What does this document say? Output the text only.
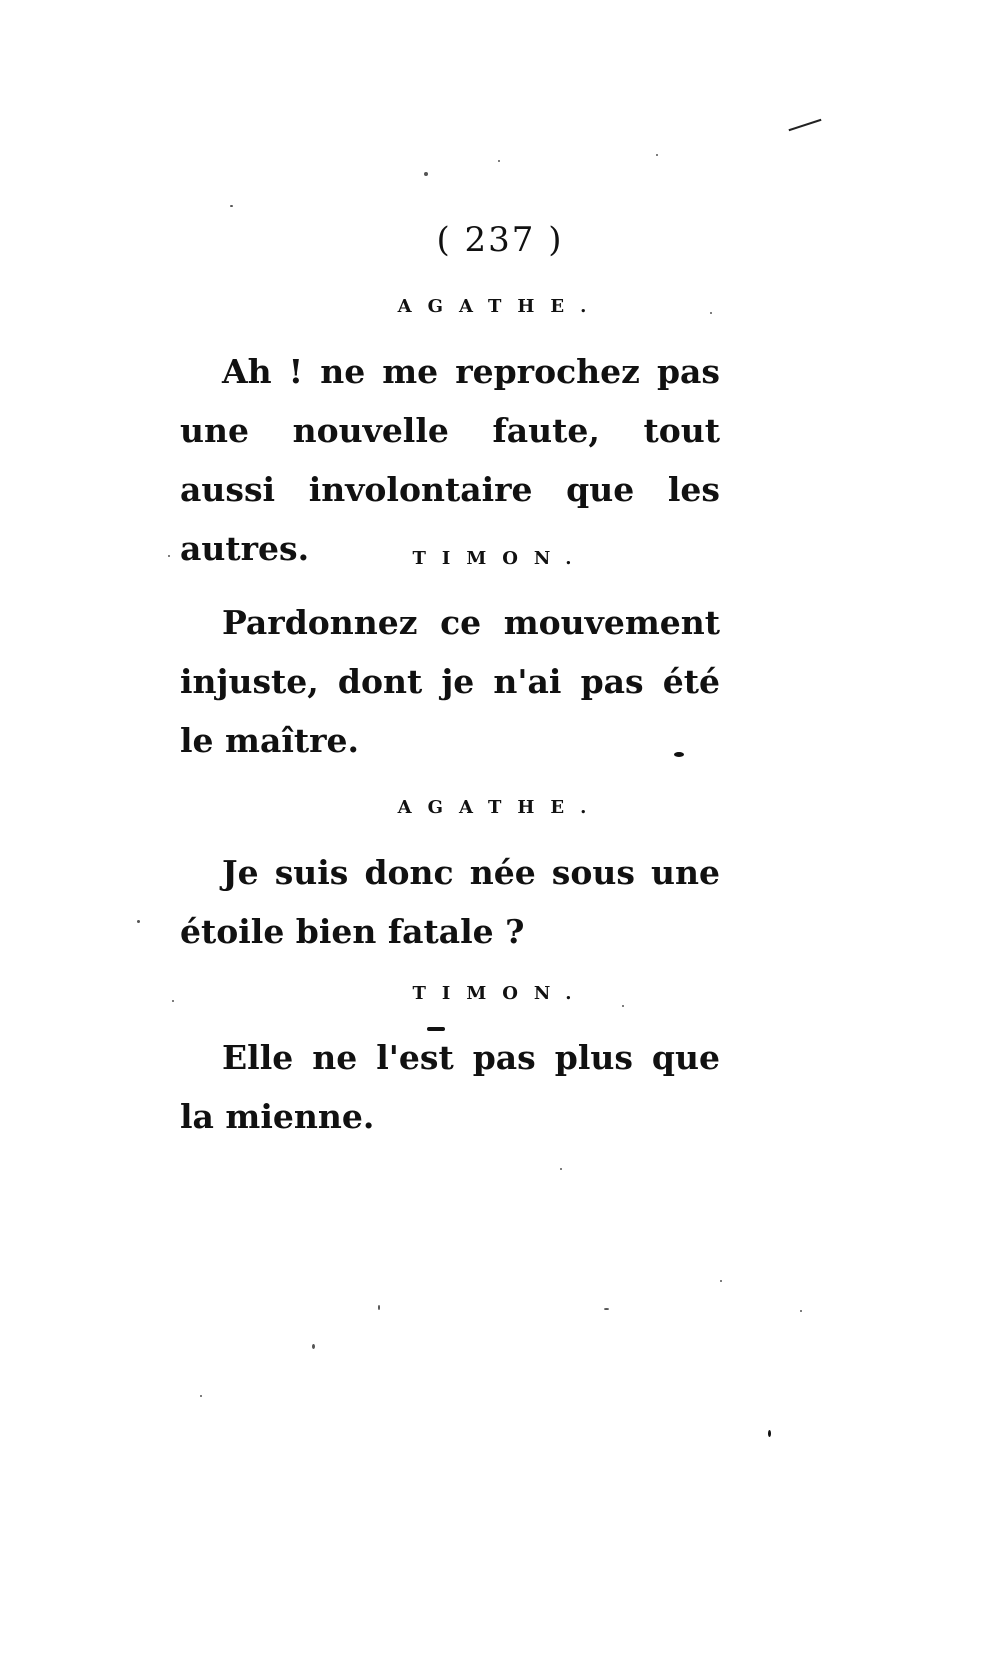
( 237 )
AGATHE.

Ah ! ne me reprochez pas une nouvelle faute, tout aussi involontaire que les autres.	TIMON.

Pardonnez ce mouvement injuste, dont je n'ai pas été le maître.

AGATHE.

Je suis donc née sous une étoile bien fatale ?

TIMON.

Elle ne l'est pas plus que la mienne.
